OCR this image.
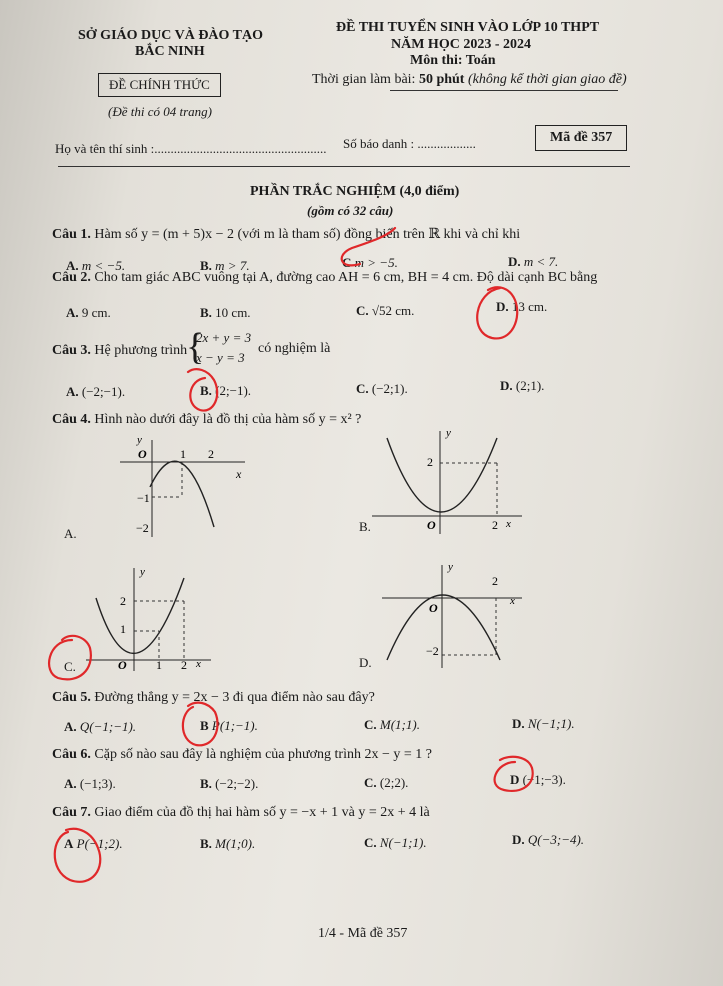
SỞ GIÁO DỤC VÀ ĐÀO TẠO
BẮC NINH
ĐỀ CHÍNH THỨC
(Đề thi có 04 trang)
ĐỀ THI TUYỂN SINH VÀO LỚP 10 THPT
NĂM HỌC 2023 - 2024
Môn thi: Toán
Thời gian làm bài: 50 phút (không kể thời gian giao đề)
Họ và tên thí sinh :..................................................... Số báo danh : ..................	Mã đề 357
PHẦN TRẮC NGHIỆM (4,0 điểm)
(gồm có 32 câu)
Câu 1. Hàm số y = (m + 5)x − 2 (với m là tham số) đồng biến trên ℝ khi và chỉ khi
A. m < −5.	B. m > 7.	C m > −5.	D. m < 7.
Câu 2. Cho tam giác ABC vuông tại A, đường cao AH = 6 cm, BH = 4 cm. Độ dài cạnh BC bằng
A. 9 cm.	B. 10 cm.	C. √52 cm.	D. 13 cm.
Câu 3. Hệ phương trình
{
2x + y = 3
x − y = 3
có nghiệm là
A. (−2;−1).	B. (2;−1).	C. (−2;1).	D. (2;1).
Câu 4. Hình nào dưới đây là đồ thị của hàm số y = x² ?
A.
y
O	1 2
x
−1
−2	B.
y
2
O	2 x
C.
y
2
1
O 1 2 x	D.
y
2
O	x
−2
Câu 5. Đường thẳng y = 2x − 3 đi qua điểm nào sau đây?
A. Q(−1;−1).	B P(1;−1).	C. M(1;1).	D. N(−1;1).
Câu 6. Cặp số nào sau đây là nghiệm của phương trình 2x − y = 1 ?
A. (−1;3).	B. (−2;−2).	C. (2;2).	D (−1;−3).
Câu 7. Giao điểm của đồ thị hai hàm số y = −x + 1 và y = 2x + 4 là
A P(−1;2).	B. M(1;0).	C. N(−1;1).	D. Q(−3;−4).
1/4 - Mã đề 357
